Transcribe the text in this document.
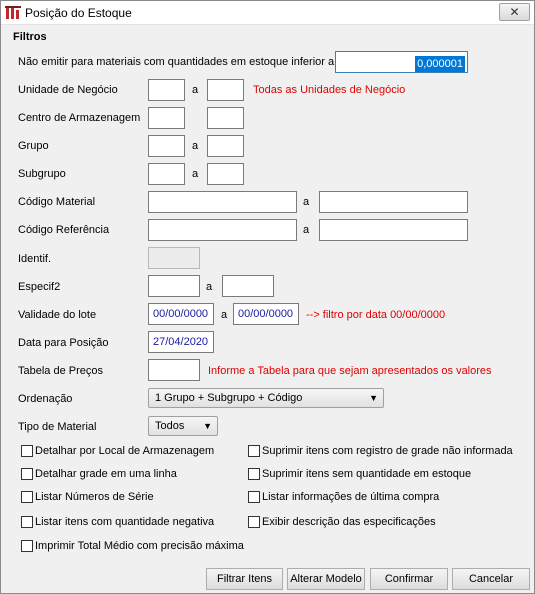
Posição do Estoque	✕
Filtros
Não emitir para materiais com quantidades em estoque inferior a	0,000001
Unidade de Negócio	a	Todas as Unidades de Negócio
Centro de Armazenagem
Grupo	a
Subgrupo	a
Código Material	a
Código Referência	a
Identif.
Especif2	a
Validade do lote	00/00/0000	a 00/00/0000	--> filtro por data 00/00/0000
Data para Posição	27/04/2020
Tabela de Preços	Informe a Tabela para que sejam apresentados os valores
Ordenação	1 Grupo + Subgrupo + Código	▼
Tipo de Material	Todos ▼
Detalhar por Local de Armazenagem
Detalhar grade em uma linha
Listar Números de Série
Listar itens com quantidade negativa
Imprimir Total Médio com precisão máxima
Suprimir itens com registro de grade não informada
Suprimir itens sem quantidade em estoque
Listar informações de última compra
Exibir descrição das especificações
Filtrar Itens	Alterar Modelo	Confirmar	Cancelar
